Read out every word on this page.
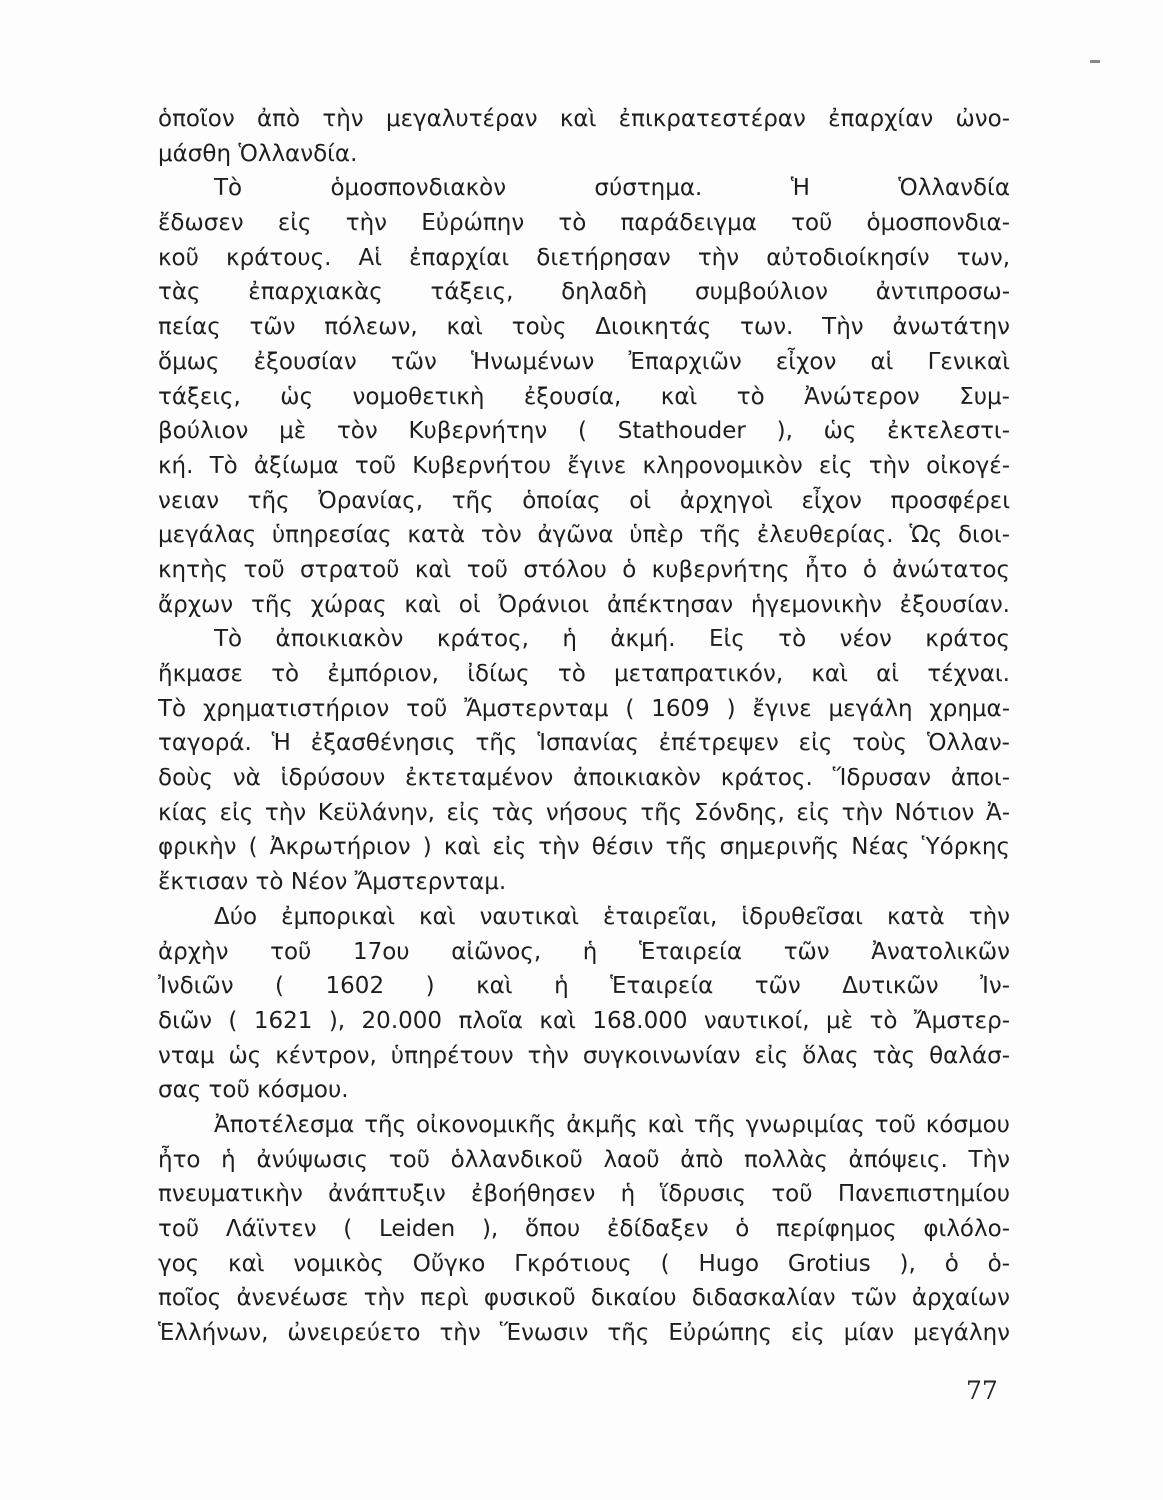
ὁποῖον ἀπὸ τὴν μεγαλυτέραν καὶ ἐπικρατεστέραν ἐπαρχίαν ὠνο-
μάσθη Ὁλλανδία.
Τὸ ὁμοσπονδιακὸν σύστημα. Ἡ Ὁλλανδία
ἔδωσεν εἰς τὴν Εὐρώπην τὸ παράδειγμα τοῦ ὁμοσπονδια-
κοῦ κράτους. Αἱ ἐπαρχίαι διετήρησαν τὴν αὐτοδιοίκησίν των,
τὰς ἐπαρχιακὰς τάξεις, δηλαδὴ συμβούλιον ἀντιπροσω-
πείας τῶν πόλεων, καὶ τοὺς Διοικητάς των. Τὴν ἀνωτάτην
ὅμως ἐξουσίαν τῶν Ἡνωμένων Ἐπαρχιῶν εἶχον αἱ Γενικαὶ
τάξεις, ὡς νομοθετικὴ ἐξουσία, καὶ τὸ Ἀνώτερον Συμ-
βούλιον μὲ τὸν Κυβερνήτην ( Stathouder ), ὡς ἐκτελεστι-
κή. Τὸ ἀξίωμα τοῦ Κυβερνήτου ἔγινε κληρονομικὸν εἰς τὴν οἰκογέ-
νειαν τῆς Ὀρανίας, τῆς ὁποίας οἱ ἀρχηγοὶ εἶχον προσφέρει
μεγάλας ὑπηρεσίας κατὰ τὸν ἀγῶνα ὑπὲρ τῆς ἐλευθερίας. Ὡς διοι-
κητὴς τοῦ στρατοῦ καὶ τοῦ στόλου ὁ κυβερνήτης ἦτο ὁ ἀνώτατος
ἄρχων τῆς χώρας καὶ οἱ Ὀράνιοι ἀπέκτησαν ἡγεμονικὴν ἐξουσίαν.
Τὸ ἀποικιακὸν κράτος, ἡ ἀκμή. Εἰς τὸ νέον κράτος
ἤκμασε τὸ ἐμπόριον, ἰδίως τὸ μεταπρατικόν, καὶ αἱ τέχναι.
Τὸ χρηματιστήριον τοῦ Ἄμστερνταμ ( 1609 ) ἔγινε μεγάλη χρημα-
ταγορά. Ἡ ἐξασθένησις τῆς Ἱσπανίας ἐπέτρεψεν εἰς τοὺς Ὁλλαν-
δοὺς νὰ ἱδρύσουν ἐκτεταμένον ἀποικιακὸν κράτος. Ἵδρυσαν ἀποι-
κίας εἰς τὴν Κεϋλάνην, εἰς τὰς νήσους τῆς Σόνδης, εἰς τὴν Νότιον Ἀ-
φρικὴν ( Ἀκρωτήριον ) καὶ εἰς τὴν θέσιν τῆς σημερινῆς Νέας Ὑόρκης
ἔκτισαν τὸ Νέον Ἄμστερνταμ.
Δύο ἐμπορικαὶ καὶ ναυτικαὶ ἑταιρεῖαι, ἱδρυθεῖσαι κατὰ τὴν
ἀρχὴν τοῦ 17ου αἰῶνος, ἡ Ἑταιρεία τῶν Ἀνατολικῶν
Ἰνδιῶν ( 1602 ) καὶ ἡ Ἑταιρεία τῶν Δυτικῶν Ἰν-
διῶν ( 1621 ), 20.000 πλοῖα καὶ 168.000 ναυτικοί, μὲ τὸ Ἄμστερ-
νταμ ὡς κέντρον, ὑπηρέτουν τὴν συγκοινωνίαν εἰς ὅλας τὰς θαλάσ-
σας τοῦ κόσμου.
Ἀποτέλεσμα τῆς οἰκονομικῆς ἀκμῆς καὶ τῆς γνωριμίας τοῦ κόσμου
ἦτο ἡ ἀνύψωσις τοῦ ὁλλανδικοῦ λαοῦ ἀπὸ πολλὰς ἀπόψεις. Τὴν
πνευματικὴν ἀνάπτυξιν ἐβοήθησεν ἡ ἵδρυσις τοῦ Πανεπιστημίου
τοῦ Λάϊντεν ( Leiden ), ὅπου ἐδίδαξεν ὁ περίφημος φιλόλο-
γος καὶ νομικὸς Οὔγκο Γκρότιους ( Hugo Grotius ), ὁ ὁ-
ποῖος ἀνενέωσε τὴν περὶ φυσικοῦ δικαίου διδασκαλίαν τῶν ἀρχαίων
Ἑλλήνων, ὠνειρεύετο τὴν Ἕνωσιν τῆς Εὐρώπης εἰς μίαν μεγάλην
77
